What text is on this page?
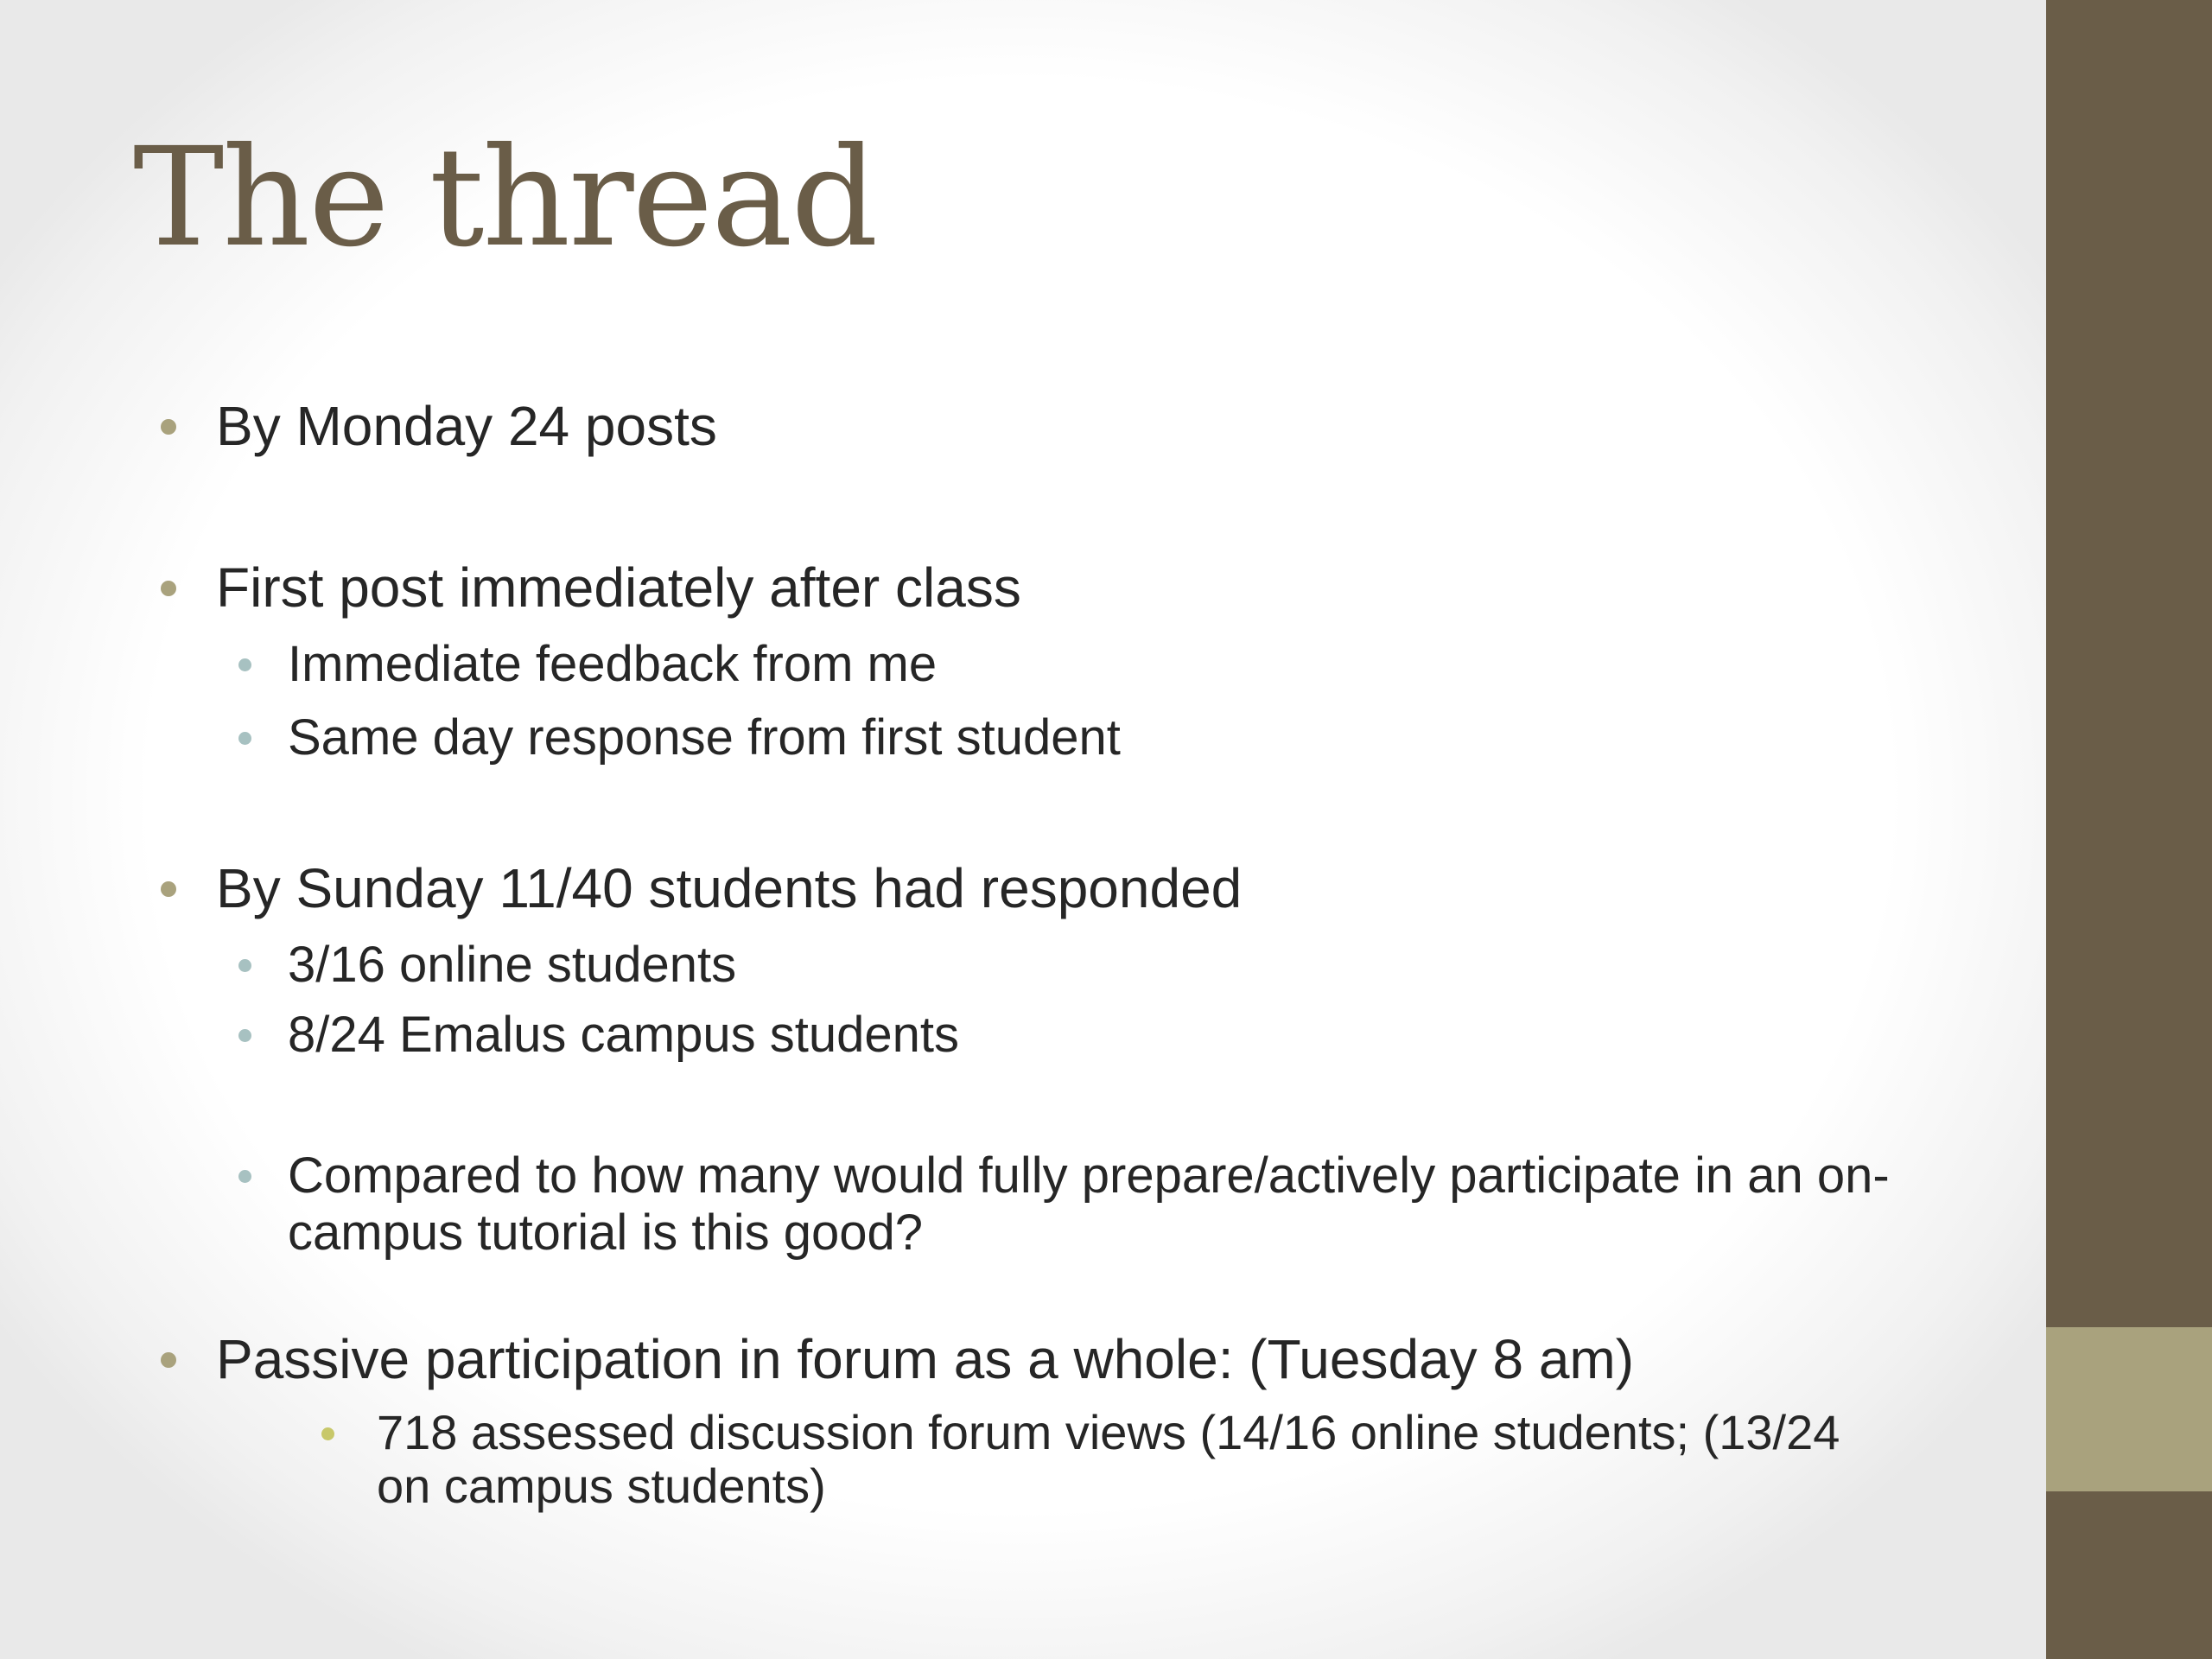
The thread
By Monday 24 posts
First post immediately after class
Immediate feedback from me
Same day response from first student
By Sunday 11/40 students had responded
3/16 online students
8/24 Emalus campus students
Compared to how many would fully prepare/actively participate in an on-campus tutorial is this good?
Passive participation in forum as a whole: (Tuesday 8 am)
718 assessed discussion forum views (14/16 online students; (13/24 on campus students)
